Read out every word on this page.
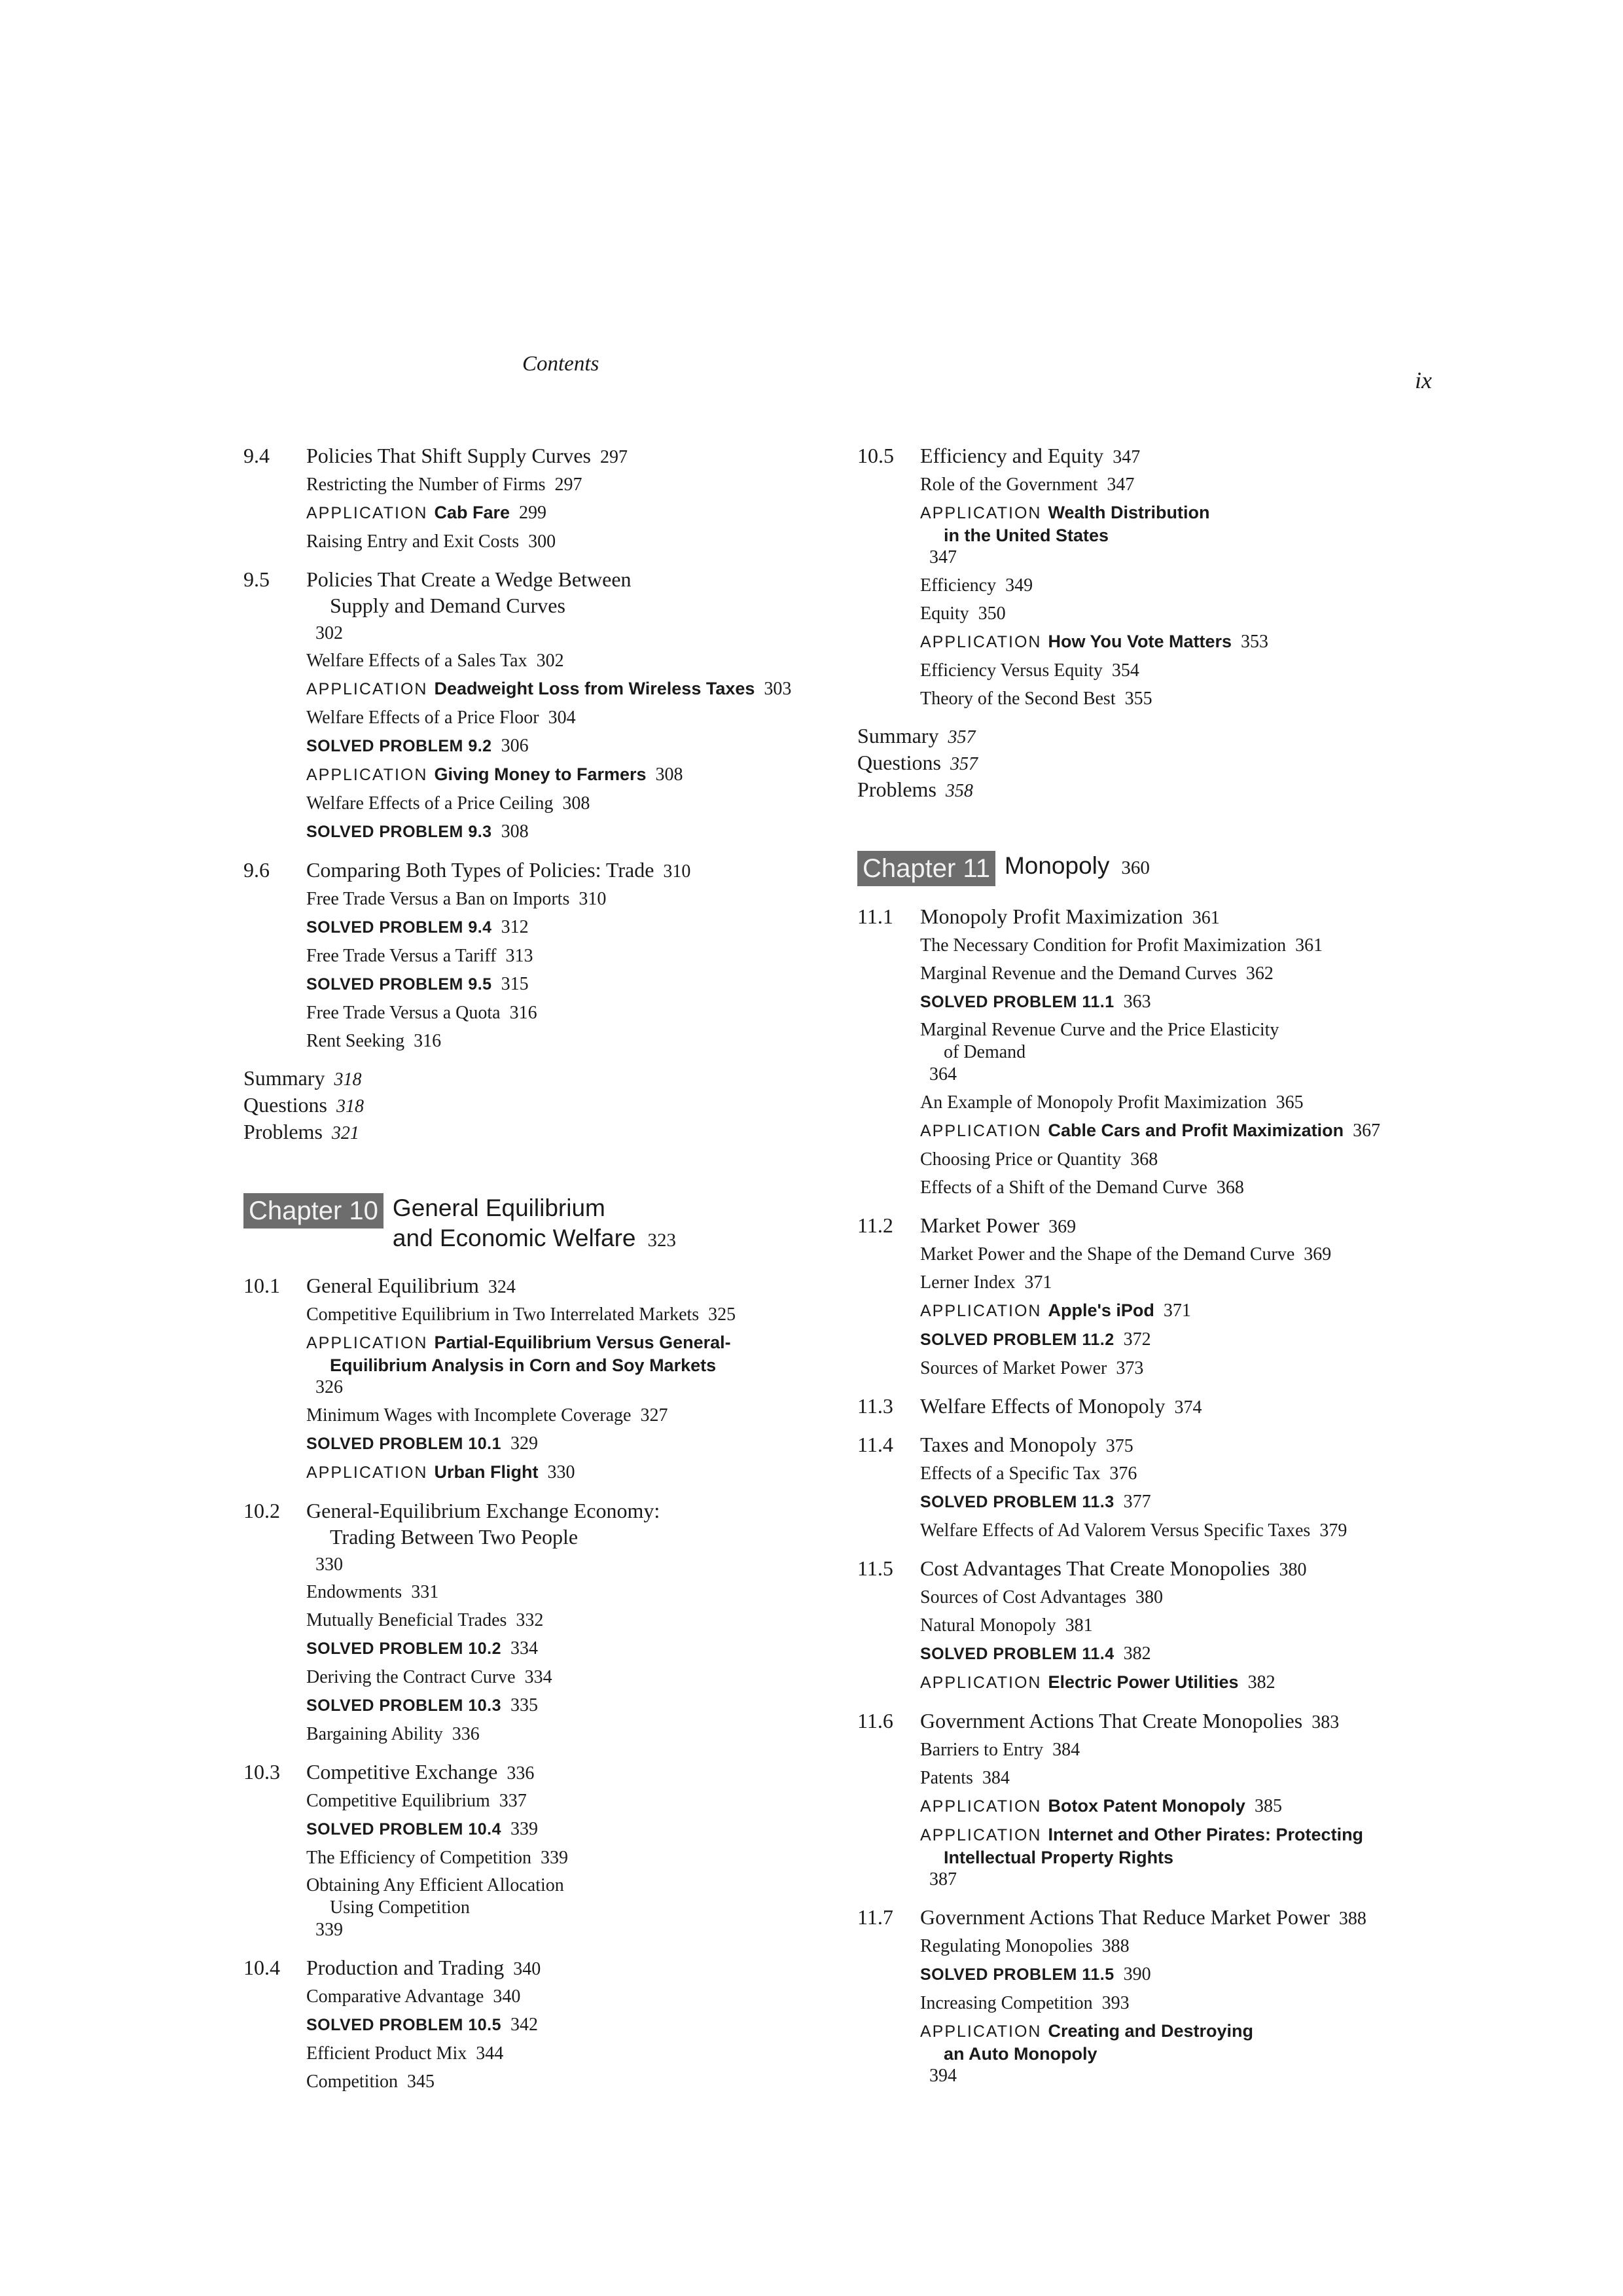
Contents
ix
9.4	Policies That Shift Supply Curves 297
Restricting the Number of Firms 297
APPLICATION Cab Fare 299
Raising Entry and Exit Costs 300
9.5	Policies That Create a Wedge Between
Supply and Demand Curves
302
Welfare Effects of a Sales Tax 302
APPLICATION Deadweight Loss from Wireless Taxes 303
Welfare Effects of a Price Floor 304
SOLVED PROBLEM 9.2 306
APPLICATION Giving Money to Farmers 308
Welfare Effects of a Price Ceiling 308
SOLVED PROBLEM 9.3 308
9.6	Comparing Both Types of Policies: Trade 310
Free Trade Versus a Ban on Imports 310
SOLVED PROBLEM 9.4 312
Free Trade Versus a Tariff 313
SOLVED PROBLEM 9.5 315
Free Trade Versus a Quota 316
Rent Seeking 316
Summary 318
Questions 318
Problems 321
Chapter 10 General Equilibrium
and Economic Welfare 323
10.1	General Equilibrium 324
Competitive Equilibrium in Two Interrelated Markets 325
APPLICATION Partial-Equilibrium Versus General-
Equilibrium Analysis in Corn and Soy Markets
326
Minimum Wages with Incomplete Coverage 327
SOLVED PROBLEM 10.1 329
APPLICATION Urban Flight 330
10.2	General-Equilibrium Exchange Economy:
Trading Between Two People
330
Endowments 331
Mutually Beneficial Trades 332
SOLVED PROBLEM 10.2 334
Deriving the Contract Curve 334
SOLVED PROBLEM 10.3 335
Bargaining Ability 336
10.3	Competitive Exchange 336
Competitive Equilibrium 337
SOLVED PROBLEM 10.4 339
The Efficiency of Competition 339
Obtaining Any Efficient Allocation
Using Competition
339
10.4	Production and Trading 340
Comparative Advantage 340
SOLVED PROBLEM 10.5 342
Efficient Product Mix 344
Competition 345
10.5	Efficiency and Equity 347
Role of the Government 347
APPLICATION Wealth Distribution
in the United States
347
Efficiency 349
Equity 350
APPLICATION How You Vote Matters 353
Efficiency Versus Equity 354
Theory of the Second Best 355
Summary 357
Questions 357
Problems 358
Chapter 11 Monopoly 360
11.1	Monopoly Profit Maximization 361
The Necessary Condition for Profit Maximization 361
Marginal Revenue and the Demand Curves 362
SOLVED PROBLEM 11.1 363
Marginal Revenue Curve and the Price Elasticity
of Demand
364
An Example of Monopoly Profit Maximization 365
APPLICATION Cable Cars and Profit Maximization 367
Choosing Price or Quantity 368
Effects of a Shift of the Demand Curve 368
11.2	Market Power 369
Market Power and the Shape of the Demand Curve 369
Lerner Index 371
APPLICATION Apple's iPod 371
SOLVED PROBLEM 11.2 372
Sources of Market Power 373
11.3	Welfare Effects of Monopoly 374
11.4	Taxes and Monopoly 375
Effects of a Specific Tax 376
SOLVED PROBLEM 11.3 377
Welfare Effects of Ad Valorem Versus Specific Taxes 379
11.5	Cost Advantages That Create Monopolies 380
Sources of Cost Advantages 380
Natural Monopoly 381
SOLVED PROBLEM 11.4 382
APPLICATION Electric Power Utilities 382
11.6	Government Actions That Create Monopolies 383
Barriers to Entry 384
Patents 384
APPLICATION Botox Patent Monopoly 385
APPLICATION Internet and Other Pirates: Protecting
Intellectual Property Rights
387
11.7	Government Actions That Reduce Market Power 388
Regulating Monopolies 388
SOLVED PROBLEM 11.5 390
Increasing Competition 393
APPLICATION Creating and Destroying
an Auto Monopoly
394
